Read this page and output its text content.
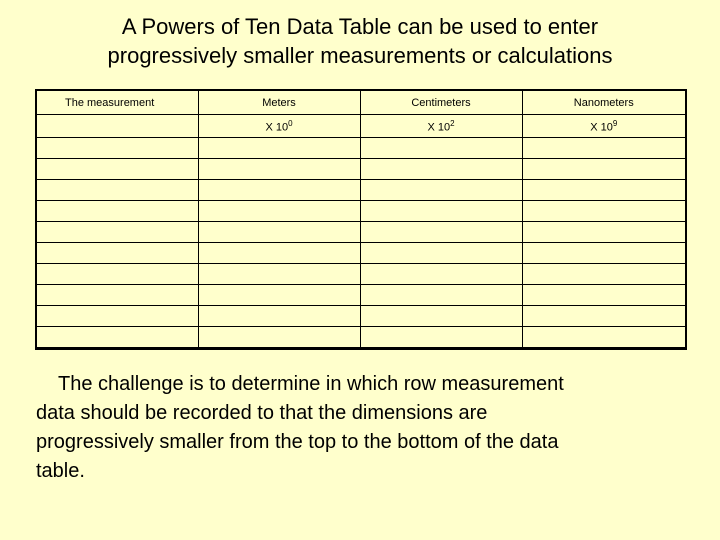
A Powers of Ten Data Table can be used to enter
progressively smaller measurements or calculations
The measurement	Meters	Centimeters	Nanometers
	X $10^0$	X $10^2$	X $10^9$

The challenge is to determine in which row measurement
data should be recorded to that the dimensions are
progressively smaller from the top to the bottom of the data
table.
